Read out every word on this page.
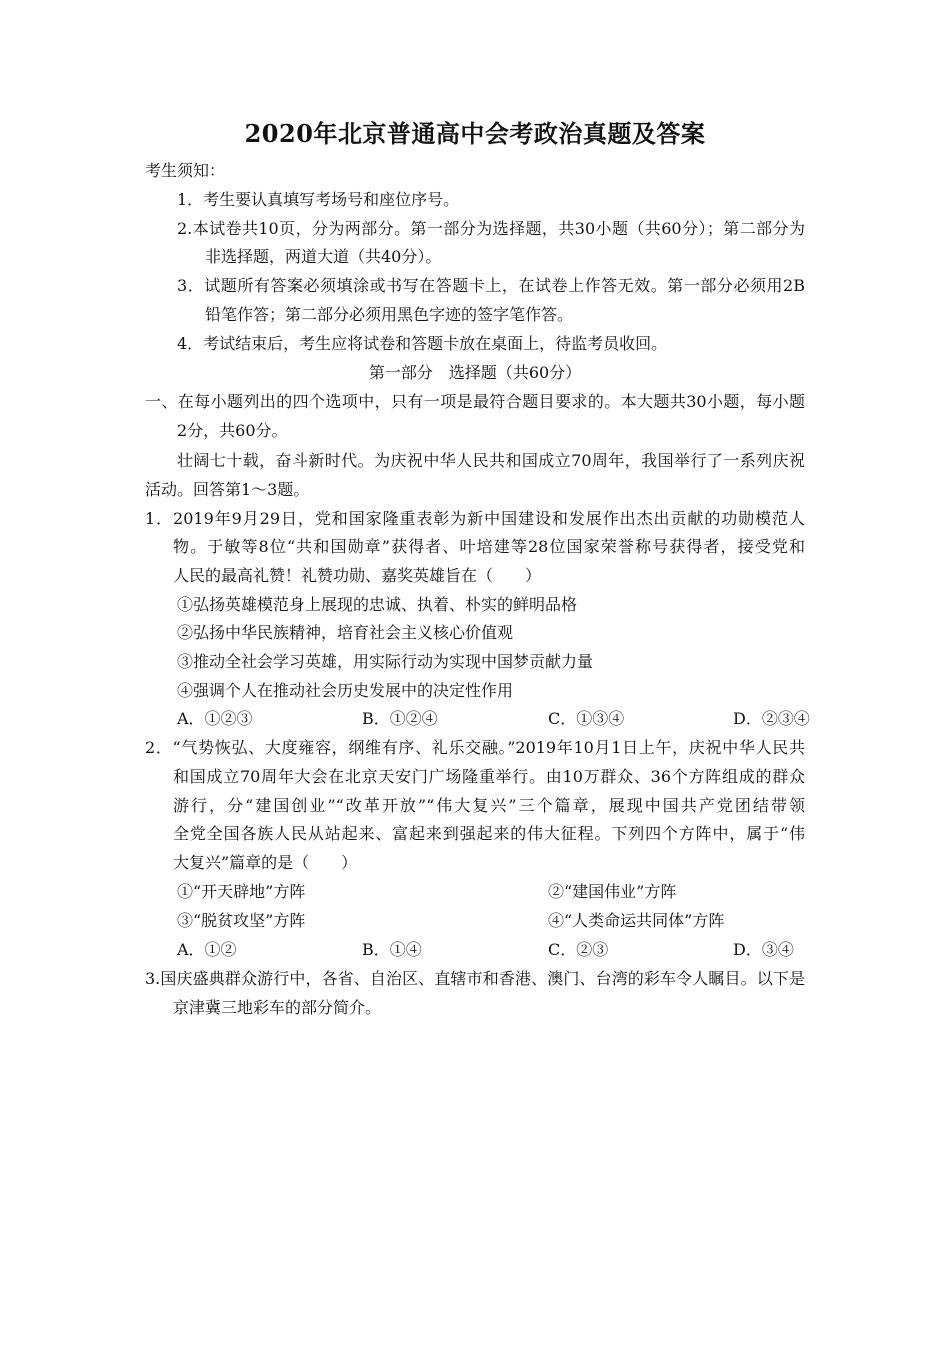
2020年北京普通高中会考政治真题及答案
考生须知：
1．考生要认真填写考场号和座位序号。
2.本试卷共10页，分为两部分。第一部分为选择题，共30小题（共60分）；第二部分为
非选择题，两道大道（共40分）。
3．试题所有答案必须填涂或书写在答题卡上，在试卷上作答无效。第一部分必须用2B
铅笔作答；第二部分必须用黑色字迹的签字笔作答。
4．考试结束后，考生应将试卷和答题卡放在桌面上，待监考员收回。
第一部分　选择题（共60分）
一、在每小题列出的四个选项中，只有一项是最符合题目要求的。本大题共30小题，每小题
2分，共60分。
壮阔七十载，奋斗新时代。为庆祝中华人民共和国成立70周年，我国举行了一系列庆祝
活动。回答第1～3题。
1．2019年9月29日，党和国家隆重表彰为新中国建设和发展作出杰出贡献的功勋模范人
物。于敏等8位“共和国勋章”获得者、叶培建等28位国家荣誉称号获得者，接受党和
人民的最高礼赞！礼赞功勋、嘉奖英雄旨在（　　）
①弘扬英雄模范身上展现的忠诚、执着、朴实的鲜明品格
②弘扬中华民族精神，培育社会主义核心价值观
③推动全社会学习英雄，用实际行动为实现中国梦贡献力量
④强调个人在推动社会历史发展中的决定性作用
A．①②③	B．①②④	C．①③④	D．②③④
2．“气势恢弘、大度雍容，纲维有序、礼乐交融。”2019年10月1日上午，庆祝中华人民共
和国成立70周年大会在北京天安门广场隆重举行。由10万群众、36个方阵组成的群众
游行，分“建国创业”“改革开放”“伟大复兴”三个篇章，展现中国共产党团结带领
全党全国各族人民从站起来、富起来到强起来的伟大征程。下列四个方阵中，属于“伟
大复兴”篇章的是（　　）
①“开天辟地”方阵	②“建国伟业”方阵
③“脱贫攻坚”方阵	④“人类命运共同体”方阵
A．①②	B．①④	C．②③	D．③④
3.国庆盛典群众游行中，各省、自治区、直辖市和香港、澳门、台湾的彩车令人瞩目。以下是
京津冀三地彩车的部分简介。
